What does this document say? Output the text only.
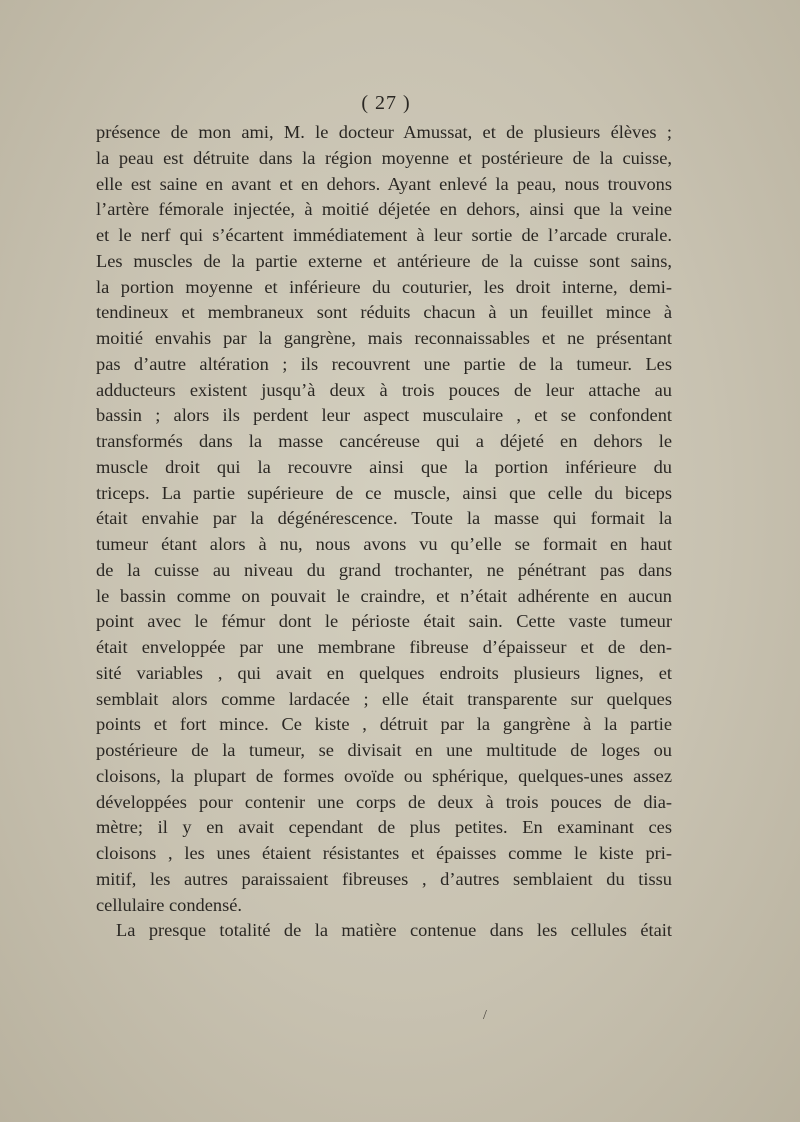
( 27 )
présence de mon ami, M. le docteur Amussat, et de plusieurs élèves ;
la peau est détruite dans la région moyenne et postérieure de la cuisse,
elle est saine en avant et en dehors. Ayant enlevé la peau, nous trouvons
l’artère fémorale injectée, à moitié déjetée en dehors, ainsi que la veine
et le nerf qui s’écartent immédiatement à leur sortie de l’arcade crurale.
Les muscles de la partie externe et antérieure de la cuisse sont sains,
la portion moyenne et inférieure du couturier, les droit interne, demi-
tendineux et membraneux sont réduits chacun à un feuillet mince à
moitié envahis par la gangrène, mais reconnaissables et ne présentant
pas d’autre altération ; ils recouvrent une partie de la tumeur. Les
adducteurs existent jusqu’à deux à trois pouces de leur attache au
bassin ; alors ils perdent leur aspect musculaire , et se confondent
transformés dans la masse cancéreuse qui a déjeté en dehors le
muscle droit qui la recouvre ainsi que la portion inférieure du
triceps. La partie supérieure de ce muscle, ainsi que celle du biceps
était envahie par la dégénérescence. Toute la masse qui formait la
tumeur étant alors à nu, nous avons vu qu’elle se formait en haut
de la cuisse au niveau du grand trochanter, ne pénétrant pas dans
le bassin comme on pouvait le craindre, et n’était adhérente en aucun
point avec le fémur dont le périoste était sain. Cette vaste tumeur
était enveloppée par une membrane fibreuse d’épaisseur et de den-
sité variables , qui avait en quelques endroits plusieurs lignes, et
semblait alors comme lardacée ; elle était transparente sur quelques
points et fort mince. Ce kiste , détruit par la gangrène à la partie
postérieure de la tumeur, se divisait en une multitude de loges ou
cloisons, la plupart de formes ovoïde ou sphérique, quelques-unes assez
développées pour contenir une corps de deux à trois pouces de dia-
mètre; il y en avait cependant de plus petites. En examinant ces
cloisons , les unes étaient résistantes et épaisses comme le kiste pri-
mitif, les autres paraissaient fibreuses , d’autres semblaient du tissu
cellulaire condensé.
La presque totalité de la matière contenue dans les cellules était
/
